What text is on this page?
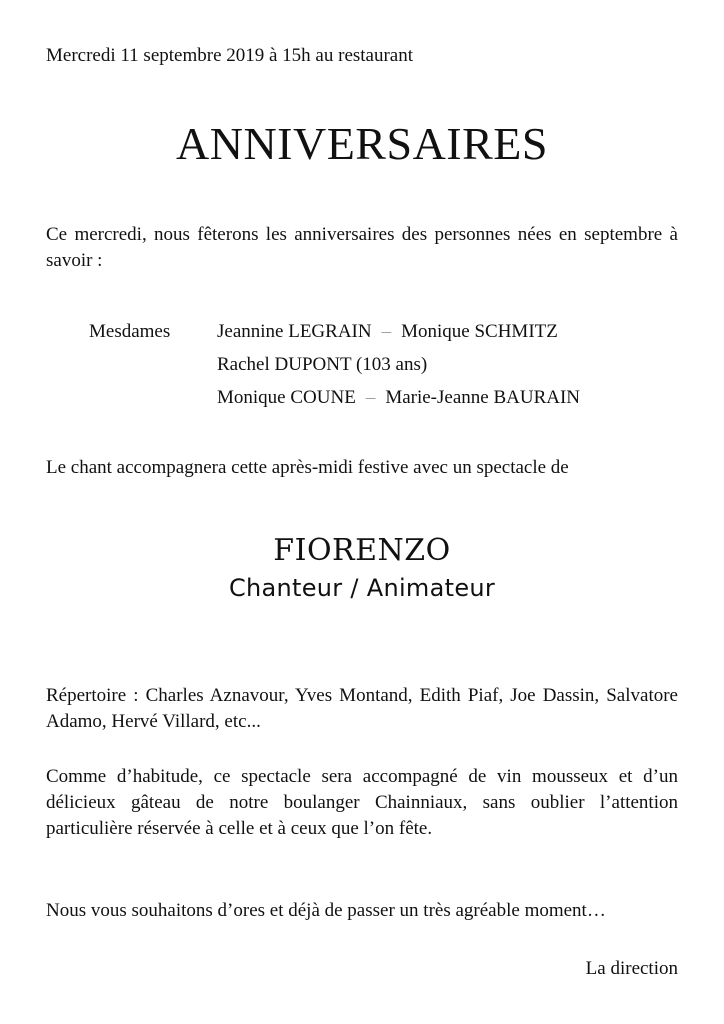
Mercredi 11 septembre 2019 à 15h au restaurant
ANNIVERSAIRES
Ce mercredi, nous fêterons les anniversaires des personnes nées en septembre à savoir :
Mesdames	Jeannine LEGRAIN – Monique SCHMITZ
Rachel DUPONT (103 ans)
Monique COUNE – Marie-Jeanne BAURAIN
Le chant accompagnera cette après-midi festive avec un spectacle de
FIORENZO
Chanteur / Animateur
Répertoire : Charles Aznavour, Yves Montand, Edith Piaf, Joe Dassin, Salvatore Adamo, Hervé Villard, etc...
Comme d’habitude, ce spectacle sera accompagné de vin mousseux et d’un délicieux gâteau de notre boulanger Chainniaux, sans oublier l’attention particulière réservée à celle et à ceux que l’on fête.
Nous vous souhaitons d’ores et déjà de passer un très agréable moment…
La direction
